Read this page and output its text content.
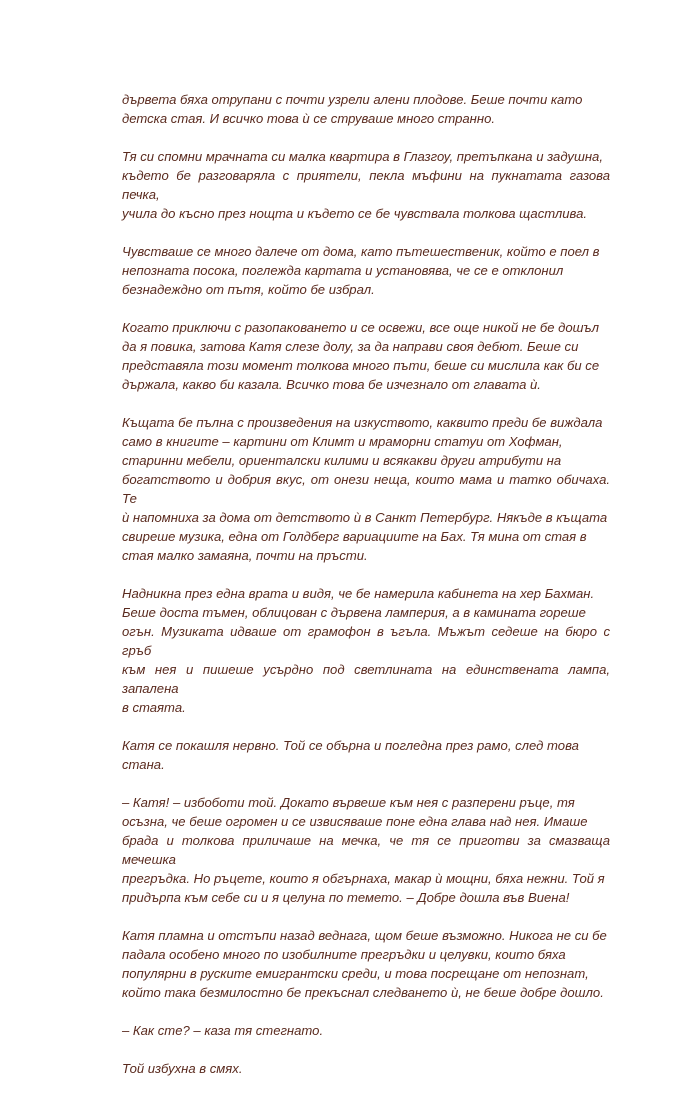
дървета бяха отрупани с почти узрели алени плодове. Беше почти като
детска стая. И всичко това ѝ се струваше много странно.

Тя си спомни мрачната си малка квартира в Глазгоу, претъпкана и задушна,
където бе разговаряла с приятели, пекла мъфини на пукнатата газова печка,
учила до късно през нощта и където се бе чувствала толкова щастлива.

Чувстваше се много далече от дома, като пътешественик, който е поел в
непозната посока, поглежда картата и установява, че се е отклонил
безнадеждно от пътя, който бе избрал.

Когато приключи с разопаковането и се освежи, все още никой не бе дошъл
да я повика, затова Катя слезе долу, за да направи своя дебют. Беше си
представяла този момент толкова много пъти, беше си мислила как би се
държала, какво би казала. Всичко това бе изчезнало от главата ѝ.

Къщата бе пълна с произведения на изкуството, каквито преди бе виждала
само в книгите – картини от Климт и мраморни статуи от Хофман,
старинни мебели, ориенталски килими и всякакви други атрибути на
богатството и добрия вкус, от онези неща, които мама и татко обичаха. Те
ѝ напомниха за дома от детството ѝ в Санкт Петербург. Някъде в къщата
свиреше музика, една от Голдберг вариациите на Бах. Тя мина от стая в
стая малко замаяна, почти на пръсти.

Надникна през една врата и видя, че бе намерила кабинета на хер Бахман.
Беше доста тъмен, облицован с дървена ламперия, а в камината гореше
огън. Музиката идваше от грамофон в ъгъла. Мъжът седеше на бюро с гръб
към нея и пишеше усърдно под светлината на единствената лампа, запалена
в стаята.

Катя се покашля нервно. Той се обърна и погледна през рамо, след това
стана.

– Катя! – избоботи той. Докато вървеше към нея с разперени ръце, тя
осъзна, че беше огромен и се извисяваше поне една глава над нея. Имаше
брада и толкова приличаше на мечка, че тя се приготви за смазваща мечешка
прегръдка. Но ръцете, които я обгърнаха, макар ѝ мощни, бяха нежни. Той я
придърпа към себе си и я целуна по темето. – Добре дошла във Виена!

Катя пламна и отстъпи назад веднага, щом беше възможно. Никога не си бе
падала особено много по изобилните прегръдки и целувки, които бяха
популярни в руските емигрантски среди, и това посрещане от непознат,
който така безмилостно бе прекъснал следването ѝ, не беше добре дошло.

– Как сте? – каза тя стегнато.

Той избухна в смях.
